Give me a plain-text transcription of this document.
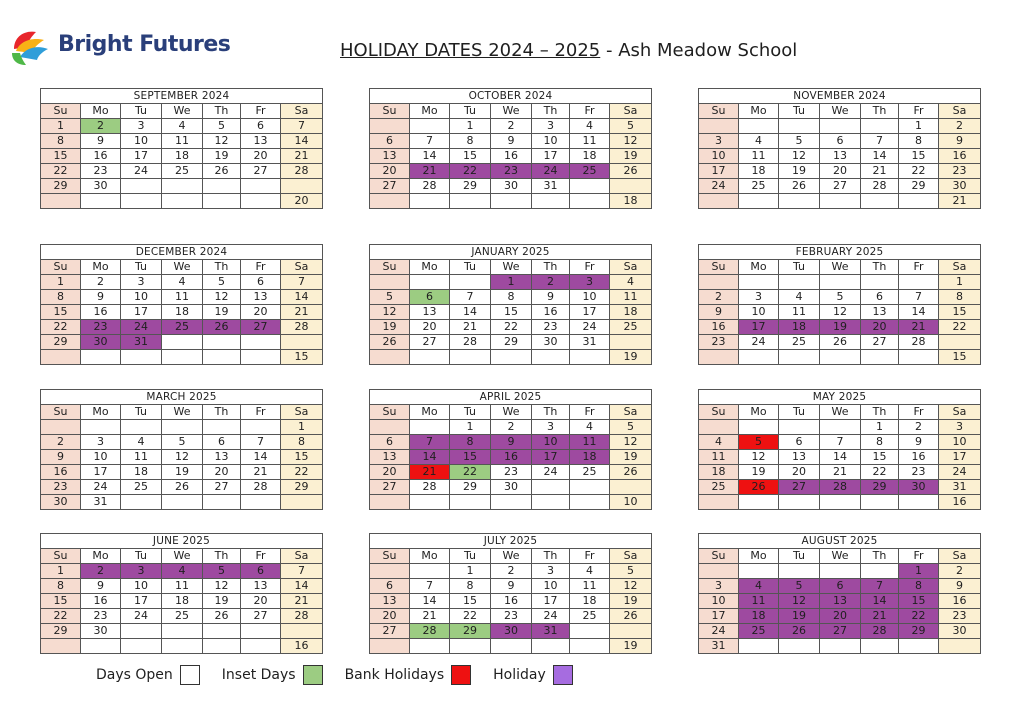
Bright Futures	HOLIDAY DATES 2024 – 2025 - Ash Meadow School
SEPTEMBER 2024						
Su	Mo	Tu	We	Th	Fr	Sa
1	2	3	4	5	6	7
8	9	10	11	12	13	14
15	16	17	18	19	20	21
22	23	24	25	26	27	28
29	30					
						20
OCTOBER 2024						
Su	Mo	Tu	We	Th	Fr	Sa
		1	2	3	4	5
6	7	8	9	10	11	12
13	14	15	16	17	18	19
20	21	22	23	24	25	26
27	28	29	30	31		
						18
NOVEMBER 2024						
Su	Mo	Tu	We	Th	Fr	Sa
					1	2
3	4	5	6	7	8	9
10	11	12	13	14	15	16
17	18	19	20	21	22	23
24	25	26	27	28	29	30
						21
DECEMBER 2024						
Su	Mo	Tu	We	Th	Fr	Sa
1	2	3	4	5	6	7
8	9	10	11	12	13	14
15	16	17	18	19	20	21
22	23	24	25	26	27	28
29	30	31				
						15
JANUARY 2025						
Su	Mo	Tu	We	Th	Fr	Sa
			1	2	3	4
5	6	7	8	9	10	11
12	13	14	15	16	17	18
19	20	21	22	23	24	25
26	27	28	29	30	31	
						19
FEBRUARY 2025						
Su	Mo	Tu	We	Th	Fr	Sa
						1
2	3	4	5	6	7	8
9	10	11	12	13	14	15
16	17	18	19	20	21	22
23	24	25	26	27	28	
						15
MARCH 2025						
Su	Mo	Tu	We	Th	Fr	Sa
						1
2	3	4	5	6	7	8
9	10	11	12	13	14	15
16	17	18	19	20	21	22
23	24	25	26	27	28	29
30	31					
APRIL 2025						
Su	Mo	Tu	We	Th	Fr	Sa
		1	2	3	4	5
6	7	8	9	10	11	12
13	14	15	16	17	18	19
20	21	22	23	24	25	26
27	28	29	30			
						10
MAY 2025						
Su	Mo	Tu	We	Th	Fr	Sa
				1	2	3
4	5	6	7	8	9	10
11	12	13	14	15	16	17
18	19	20	21	22	23	24
25	26	27	28	29	30	31
						16
JUNE 2025						
Su	Mo	Tu	We	Th	Fr	Sa
1	2	3	4	5	6	7
8	9	10	11	12	13	14
15	16	17	18	19	20	21
22	23	24	25	26	27	28
29	30					
						16
JULY 2025						
Su	Mo	Tu	We	Th	Fr	Sa
		1	2	3	4	5
6	7	8	9	10	11	12
13	14	15	16	17	18	19
20	21	22	23	24	25	26
27	28	29	30	31		
						19
AUGUST 2025						
Su	Mo	Tu	We	Th	Fr	Sa
					1	2
3	4	5	6	7	8	9
10	11	12	13	14	15	16
17	18	19	20	21	22	23
24	25	26	27	28	29	30
31						
Days Open	Inset Days	Bank Holidays	Holiday
